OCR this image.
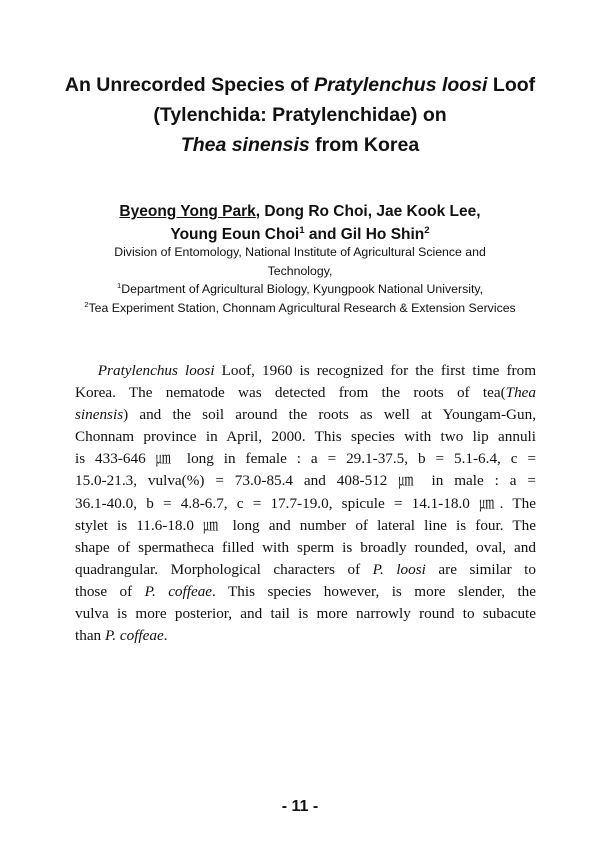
An Unrecorded Species of Pratylenchus loosi Loof
(Tylenchida: Pratylenchidae) on
Thea sinensis from Korea
Byeong Yong Park, Dong Ro Choi, Jae Kook Lee,
Young Eoun Choi$^1$ and Gil Ho Shin$^2$
Division of Entomology, National Institute of Agricultural Science and
Technology,
$^1$Department of Agricultural Biology, Kyungpook National University,
$^2$Tea Experiment Station, Chonnam Agricultural Research & Extension Services
  Pratylenchus loosi Loof, 1960 is recognized for the first time from
Korea. The nematode was detected from the roots of tea(Thea
sinensis) and the soil around the roots as well at Youngam-Gun,
Chonnam province in April, 2000. This species with two lip annuli
is 433-646 ㎛ long in female : a = 29.1-37.5, b = 5.1-6.4, c =
15.0-21.3, vulva(%) = 73.0-85.4 and 408-512 ㎛ in male : a =
36.1-40.0, b = 4.8-6.7, c = 17.7-19.0, spicule = 14.1-18.0 ㎛. The
stylet is 11.6-18.0 ㎛ long and number of lateral line is four. The
shape of spermatheca filled with sperm is broadly rounded, oval, and
quadrangular. Morphological characters of P. loosi are similar to
those of P. coffeae. This species however, is more slender, the
vulva is more posterior, and tail is more narrowly round to subacute
than P. coffeae.
- 11 -
